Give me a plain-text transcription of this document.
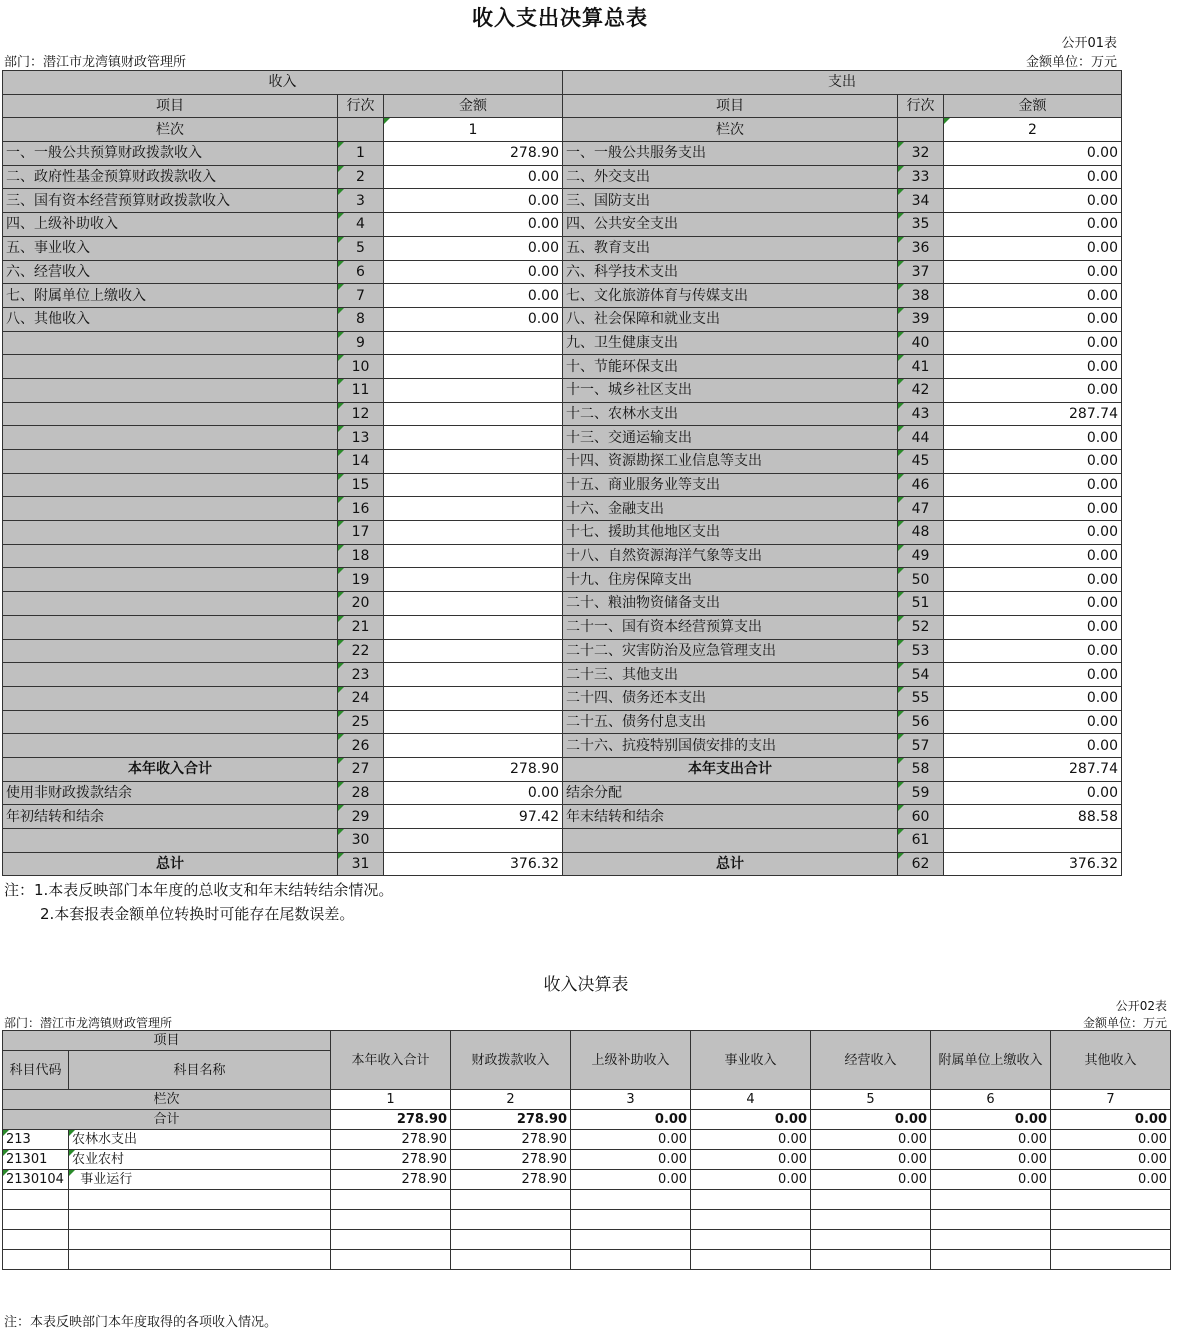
收入支出决算总表
公开01表
部门：潜江市龙湾镇财政管理所	金额单位：万元
收入			支出		
项目	行次	金额	项目	行次	金额
栏次		1	栏次		2
一、一般公共预算财政拨款收入	1	278.90	一、一般公共服务支出	32	0.00
二、政府性基金预算财政拨款收入	2	0.00	二、外交支出	33	0.00
三、国有资本经营预算财政拨款收入	3	0.00	三、国防支出	34	0.00
四、上级补助收入	4	0.00	四、公共安全支出	35	0.00
五、事业收入	5	0.00	五、教育支出	36	0.00
六、经营收入	6	0.00	六、科学技术支出	37	0.00
七、附属单位上缴收入	7	0.00	七、文化旅游体育与传媒支出	38	0.00
八、其他收入	8	0.00	八、社会保障和就业支出	39	0.00
	9		九、卫生健康支出	40	0.00
	10		十、节能环保支出	41	0.00
	11		十一、城乡社区支出	42	0.00
	12		十二、农林水支出	43	287.74
	13		十三、交通运输支出	44	0.00
	14		十四、资源勘探工业信息等支出	45	0.00
	15		十五、商业服务业等支出	46	0.00
	16		十六、金融支出	47	0.00
	17		十七、援助其他地区支出	48	0.00
	18		十八、自然资源海洋气象等支出	49	0.00
	19		十九、住房保障支出	50	0.00
	20		二十、粮油物资储备支出	51	0.00
	21		二十一、国有资本经营预算支出	52	0.00
	22		二十二、灾害防治及应急管理支出	53	0.00
	23		二十三、其他支出	54	0.00
	24		二十四、债务还本支出	55	0.00
	25		二十五、债务付息支出	56	0.00
	26		二十六、抗疫特别国债安排的支出	57	0.00
本年收入合计	27	278.90	本年支出合计	58	287.74
使用非财政拨款结余	28	0.00	结余分配	59	0.00
年初结转和结余	29	97.42	年末结转和结余	60	88.58
	30			61	
总计	31	376.32	总计	62	376.32
注：1.本表反映部门本年度的总收支和年末结转结余情况。
2.本套报表金额单位转换时可能存在尾数误差。
收入决算表
公开02表
部门：潜江市龙湾镇财政管理所	金额单位：万元
项目		本年收入合计	财政拨款收入	上级补助收入	事业收入	经营收入	附属单位上缴收入	其他收入
科目代码	科目名称							

栏次		1	2	3	4	5	6	7
合计		278.90	278.90	0.00	0.00	0.00	0.00	0.00
213	农林水支出	278.90	278.90	0.00	0.00	0.00	0.00	0.00
21301	农业农村	278.90	278.90	0.00	0.00	0.00	0.00	0.00
2130104	事业运行	278.90	278.90	0.00	0.00	0.00	0.00	0.00

注：本表反映部门本年度取得的各项收入情况。
